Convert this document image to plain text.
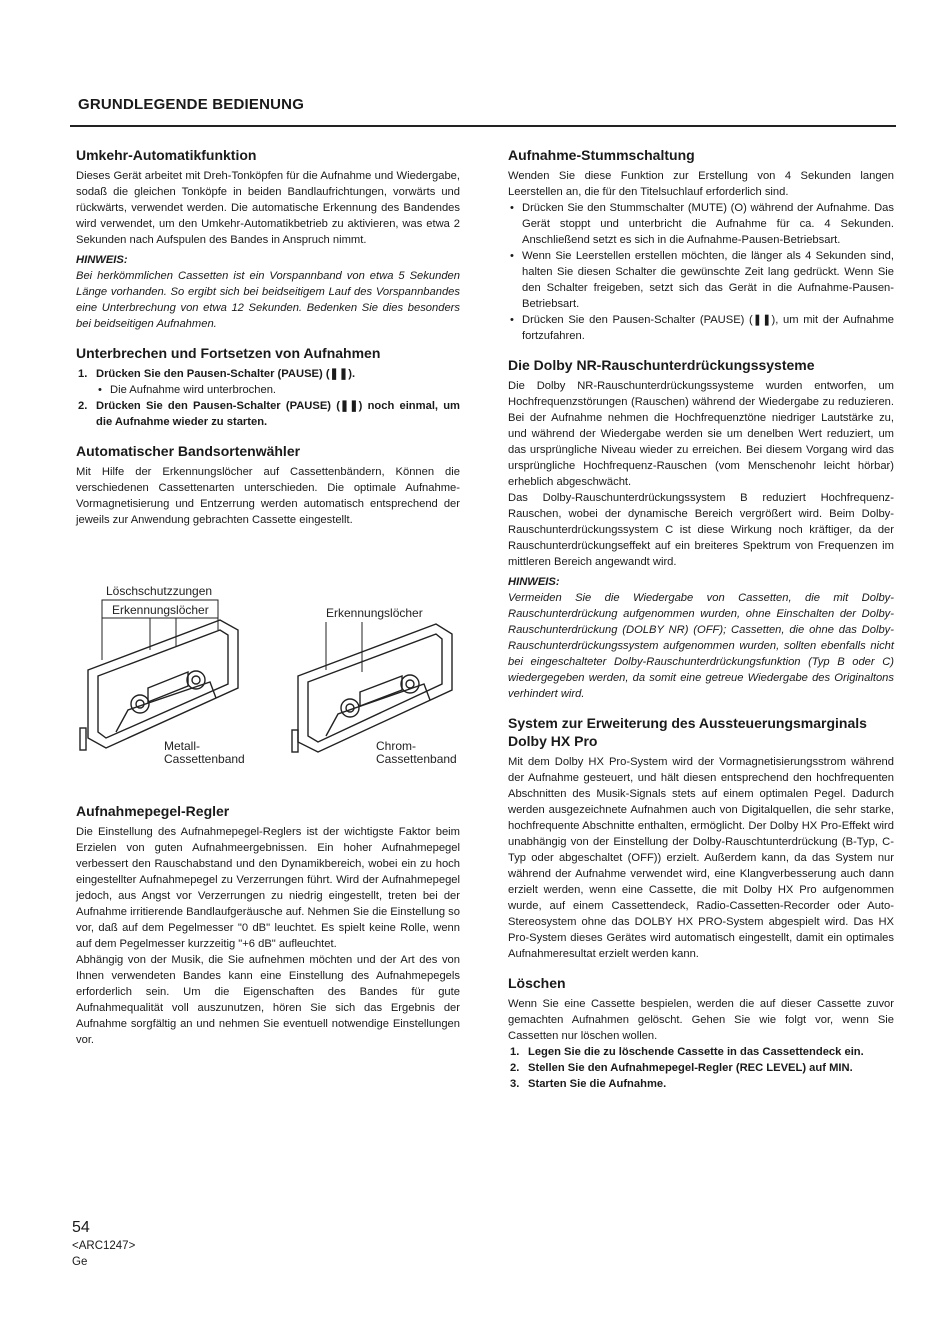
GRUNDLEGENDE BEDIENUNG
Umkehr-Automatikfunktion

Dieses Gerät arbeitet mit Dreh-Tonköpfen für die Aufnahme und Wiedergabe, sodaß die gleichen Tonköpfe in beiden Bandlaufrichtungen, vorwärts und rückwärts, verwendet werden. Die automatische Erkennung des Bandendes wird verwendet, um den Umkehr-Automatikbetrieb zu aktivieren, was etwa 2 Sekunden nach Aufspulen des Bandes in Anspruch nimmt.

HINWEIS:

Bei herkömmlichen Cassetten ist ein Vorspannband von etwa 5 Sekunden Länge vorhanden. So ergibt sich bei beidseitigem Lauf des Vorspannbandes eine Unterbrechung von etwa 12 Sekunden. Bedenken Sie dies besonders bei beidseitigen Aufnahmen.

Unterbrechen und Fortsetzen von Aufnahmen
1. Drücken Sie den Pausen-Schalter (PAUSE) (❚❚).
• Die Aufnahme wird unterbrochen.
2. Drücken Sie den Pausen-Schalter (PAUSE) (❚❚) noch einmal, um die Aufnahme wieder zu starten.
Automatischer Bandsortenwähler

Mit Hilfe der Erkennungslöcher auf Cassettenbändern, Können die verschiedenen Cassettenarten unterschieden. Die optimale Aufnahme-Vormagnetisierung und Entzerrung werden automatisch entsprechend der jeweils zur Anwendung gebrachten Cassette eingestellt.

Löschschutzzungen
Erkennungslöcher	Erkennungslöcher
Metall-
Cassettenband
Chrom-
Cassettenband
Aufnahmepegel-Regler

Die Einstellung des Aufnahmepegel-Reglers ist der wichtigste Faktor beim Erzielen von guten Aufnahmeergebnissen. Ein hoher Aufnahmepegel verbessert den Rauschabstand und den Dynamikbereich, wobei ein zu hoch eingestellter Aufnahmepegel zu Verzerrungen führt. Wird der Aufnahmepegel jedoch, aus Angst vor Verzerrungen zu niedrig eingestellt, treten bei der Aufnahme irritierende Bandlaufgeräusche auf. Nehmen Sie die Einstellung so vor, daß auf dem Pegelmesser "0 dB" leuchtet. Es spielt keine Rolle, wenn auf dem Pegelmesser kurzzeitig "+6 dB" aufleuchtet.

Abhängig von der Musik, die Sie aufnehmen möchten und der Art des von Ihnen verwendeten Bandes kann eine Einstellung des Aufnahmepegels erforderlich sein. Um die Eigenschaften des Bandes für gute Aufnahmequalität voll auszunutzen, hören Sie sich das Ergebnis der Aufnahme sorgfältig an und nehmen Sie eventuell notwendige Einstellungen vor.

Aufnahme-Stummschaltung

Wenden Sie diese Funktion zur Erstellung von 4 Sekunden langen Leerstellen an, die für den Titelsuchlauf erforderlich sind.

• Drücken Sie den Stummschalter (MUTE) (O) während der Aufnahme. Das Gerät stoppt und unterbricht die Aufnahme für ca. 4 Sekunden. Anschließend setzt es sich in die Aufnahme-Pausen-Betriebsart.
• Wenn Sie Leerstellen erstellen möchten, die länger als 4 Sekunden sind, halten Sie diesen Schalter die gewünschte Zeit lang gedrückt. Wenn Sie den Schalter freigeben, setzt sich das Gerät in die Aufnahme-Pausen-Betriebsart.
• Drücken Sie den Pausen-Schalter (PAUSE) (❚❚), um mit der Aufnahme fortzufahren.
Die Dolby NR-Rauschunterdrückungssysteme

Die Dolby NR-Rauschunterdrückungssysteme wurden entworfen, um Hochfrequenzstörungen (Rauschen) während der Wiedergabe zu reduzieren. Bei der Aufnahme nehmen die Hochfrequenztöne niedriger Lautstärke zu, und während der Wiedergabe werden sie um denelben Wert reduziert, um das ursprüngliche Niveau wieder zu erreichen. Bei diesem Vorgang wird das ursprüngliche Hochfrequenz-Rauschen (vom Menschenohr leicht hörbar) erheblich abgeschwächt.

Das Dolby-Rauschunterdrückungssystem B reduziert Hochfrequenz-Rauschen, wobei der dynamische Bereich vergrößert wird. Beim Dolby-Rauschunterdrückungssystem C ist diese Wirkung noch kräftiger, da der Rauschunterdrückungseffekt auf ein breiteres Spektrum von Frequenzen im mittleren Bereich angewandt wird.

HINWEIS:

Vermeiden Sie die Wiedergabe von Cassetten, die mit Dolby-Rauschunterdrückung aufgenommen wurden, ohne Einschalten der Dolby-Rauschunterdrückung (DOLBY NR) (OFF); Cassetten, die ohne das Dolby-Rauschunterdrückungssystem aufgenommen wurden, sollten ebenfalls nicht bei eingeschalteter Dolby-Rauschunterdrückungsfunktion (Typ B oder C) wiedergegeben werden, da somit eine getreue Wiedergabe des Originaltons verhindert wird.

System zur Erweiterung des Aussteuerungsmarginals Dolby HX Pro

Mit dem Dolby HX Pro-System wird der Vormagnetisierungsstrom während der Aufnahme gesteuert, und hält diesen entsprechend den hochfrequenten Abschnitten des Musik-Signals stets auf einem optimalen Pegel. Dadurch werden ausgezeichnete Aufnahmen auch von Digitalquellen, die sehr starke, hochfrequente Abschnitte enthalten, ermöglicht. Der Dolby HX Pro-Effekt wird unabhängig von der Einstellung der Dolby-Rauschtunterdrückung (B-Typ, C-Typ oder abgeschaltet (OFF)) erzielt. Außerdem kann, da das System nur während der Aufnahme verwendet wird, eine Klangverbesserung auch dann erzielt werden, wenn eine Cassette, die mit Dolby HX Pro aufgenommen wurde, auf einem Cassettendeck, Radio-Cassetten-Recorder oder Auto-Stereosystem ohne das DOLBY HX PRO-System abgespielt wird. Das HX Pro-System dieses Gerätes wird automatisch eingestellt, damit ein optimales Aufnahmeresultat erzielt werden kann.

Löschen

Wenn Sie eine Cassette bespielen, werden die auf dieser Cassette zuvor gemachten Aufnahmen gelöscht. Gehen Sie wie folgt vor, wenn Sie Cassetten nur löschen wollen.

1. Legen Sie die zu löschende Cassette in das Cassettendeck ein.
2. Stellen Sie den Aufnahmepegel-Regler (REC LEVEL) auf MIN.
3. Starten Sie die Aufnahme.
54
<ARC1247>
Ge
